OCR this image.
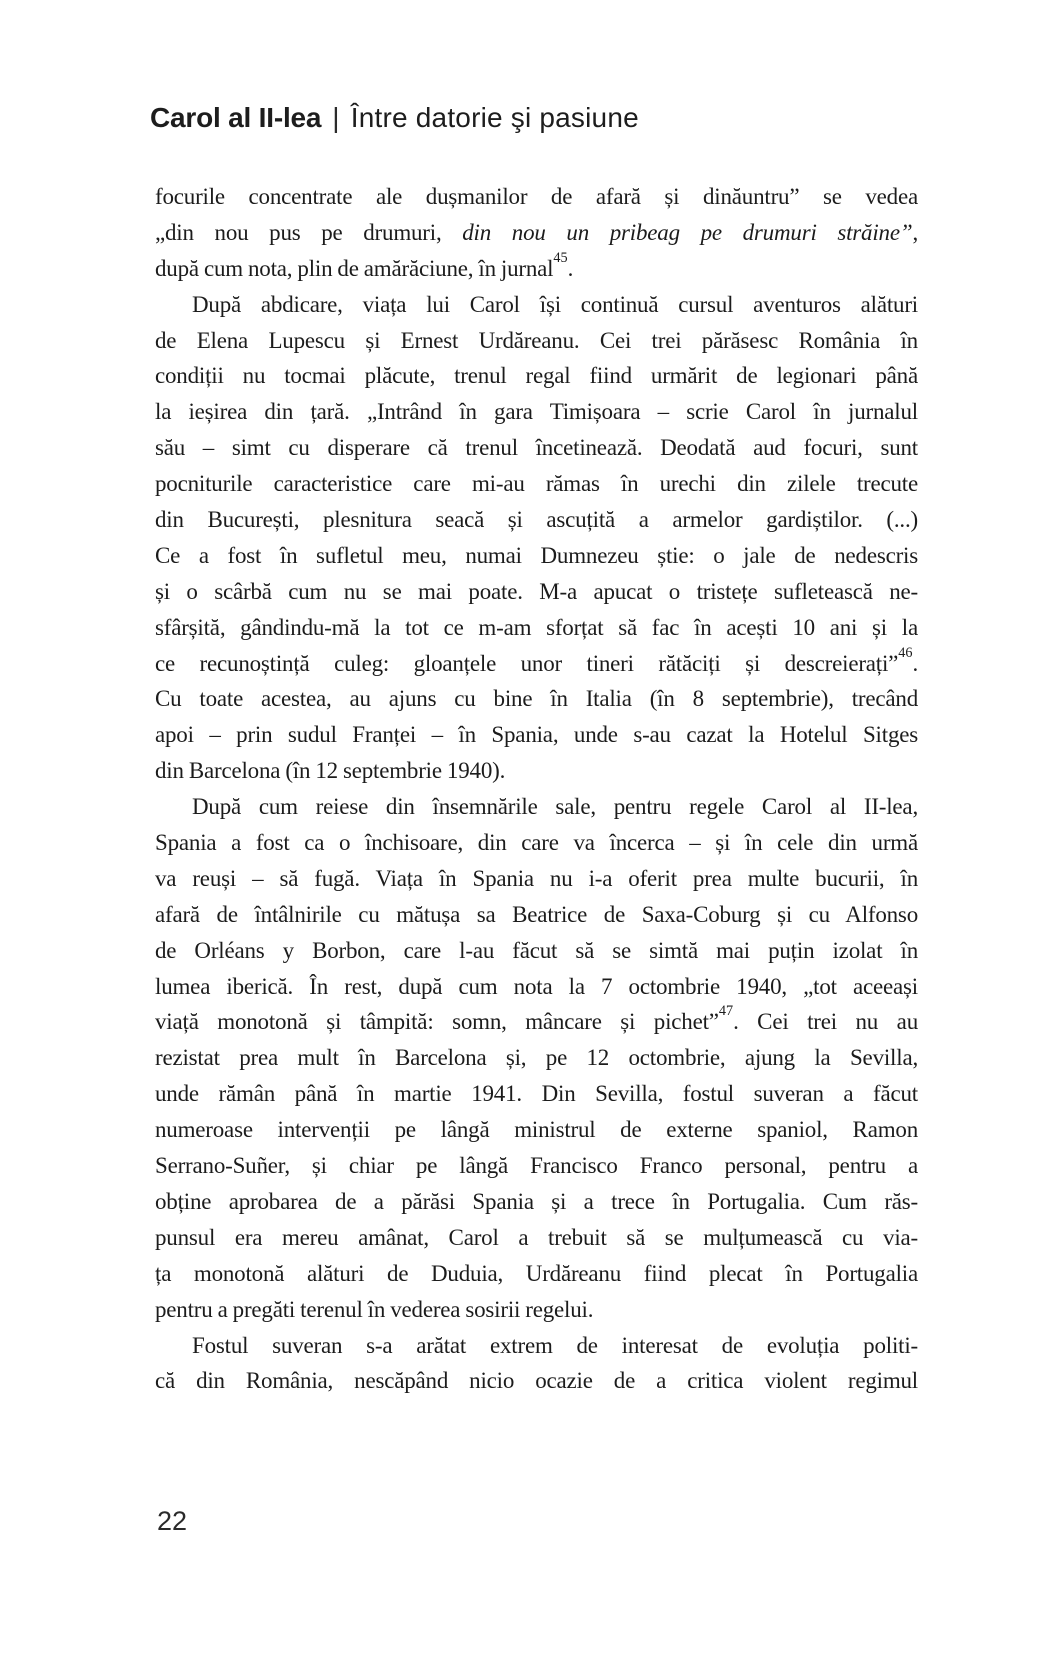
Carol al II-lea | Între datorie şi pasiune
focurile concentrate ale dușmanilor de afară și dinăuntru” se vedea
„din nou pus pe drumuri, din nou un pribeag pe drumuri străine”,
după cum nota, plin de amărăciune, în jurnal$^{45}$.
După abdicare, viața lui Carol își continuă cursul aventuros alături
de Elena Lupescu și Ernest Urdăreanu. Cei trei părăsesc România în
condiții nu tocmai plăcute, trenul regal fiind urmărit de legionari până
la ieșirea din țară. „Intrând în gara Timișoara – scrie Carol în jurnalul
său – simt cu disperare că trenul încetinează. Deodată aud focuri, sunt
pocniturile caracteristice care mi-au rămas în urechi din zilele trecute
din București, plesnitura seacă și ascuțită a armelor gardiștilor. (...)
Ce a fost în sufletul meu, numai Dumnezeu știe: o jale de nedescris
și o scârbă cum nu se mai poate. M-a apucat o tristețe sufletească ne-
sfârșită, gândindu-mă la tot ce m-am sforțat să fac în acești 10 ani și la
ce recunoștință culeg: gloanțele unor tineri rătăciți și descreierați”$^{46}$.
Cu toate acestea, au ajuns cu bine în Italia (în 8 septembrie), trecând
apoi – prin sudul Franței – în Spania, unde s-au cazat la Hotelul Sitges
din Barcelona (în 12 septembrie 1940).
După cum reiese din însemnările sale, pentru regele Carol al II-lea,
Spania a fost ca o închisoare, din care va încerca – și în cele din urmă
va reuși – să fugă. Viața în Spania nu i-a oferit prea multe bucurii, în
afară de întâlnirile cu mătușa sa Beatrice de Saxa-Coburg și cu Alfonso
de Orléans y Borbon, care l-au făcut să se simtă mai puțin izolat în
lumea iberică. În rest, după cum nota la 7 octombrie 1940, „tot aceeași
viață monotonă și tâmpită: somn, mâncare și pichet”$^{47}$. Cei trei nu au
rezistat prea mult în Barcelona și, pe 12 octombrie, ajung la Sevilla,
unde rămân până în martie 1941. Din Sevilla, fostul suveran a făcut
numeroase intervenții pe lângă ministrul de externe spaniol, Ramon
Serrano-Suñer, și chiar pe lângă Francisco Franco personal, pentru a
obține aprobarea de a părăsi Spania și a trece în Portugalia. Cum răs-
punsul era mereu amânat, Carol a trebuit să se mulțumească cu via-
ța monotonă alături de Duduia, Urdăreanu fiind plecat în Portugalia
pentru a pregăti terenul în vederea sosirii regelui.
Fostul suveran s-a arătat extrem de interesat de evoluția politi-
că din România, nescăpând nicio ocazie de a critica violent regimul
22
